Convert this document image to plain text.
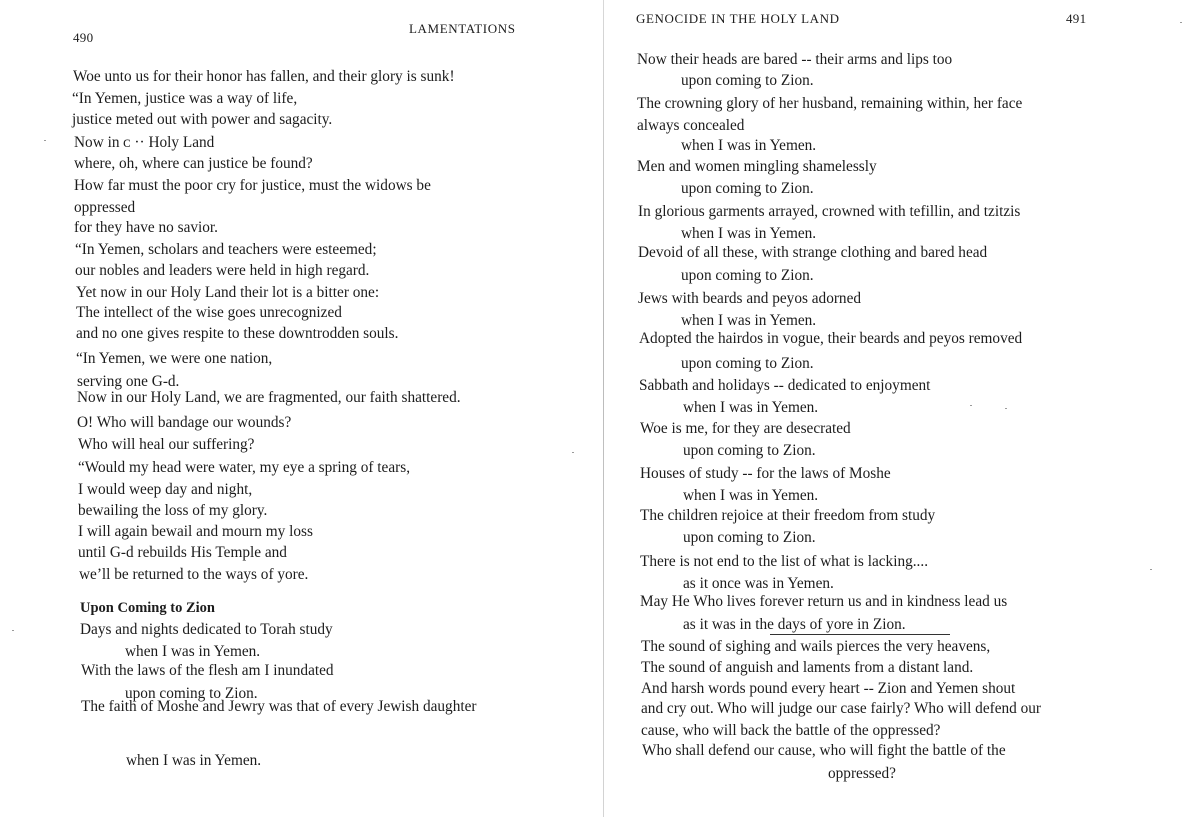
490
LAMENTATIONS
Woe unto us for their honor has fallen, and their glory is sunk!
“In Yemen, justice was a way of life,
justice meted out with power and sagacity.
Now in ᴄ ·· Holy Land
where, oh, where can justice be found?
How far must the poor cry for justice, must the widows be
oppressed
for they have no savior.
“In Yemen, scholars and teachers were esteemed;
our nobles and leaders were held in high regard.
Yet now in our Holy Land their lot is a bitter one:
The intellect of the wise goes unrecognized
and no one gives respite to these downtrodden souls.
“In Yemen, we were one nation,
serving one G-d.
Now in our Holy Land, we are fragmented, our faith shattered.
O! Who will bandage our wounds?
Who will heal our suffering?
“Would my head were water, my eye a spring of tears,
I would weep day and night,
bewailing the loss of my glory.
I will again bewail and mourn my loss
until G-d rebuilds His Temple and
we’ll be returned to the ways of yore.
Upon Coming to Zion
Days and nights dedicated to Torah study
when I was in Yemen.
With the laws of the flesh am I inundated
upon coming to Zion.
The faith of Moshe and Jewry was that of every Jewish daughter
when I was in Yemen.
GENOCIDE IN THE HOLY LAND	491
Now their heads are bared -- their arms and lips too
upon coming to Zion.
The crowning glory of her husband, remaining within, her face
always concealed
when I was in Yemen.
Men and women mingling shamelessly
upon coming to Zion.
In glorious garments arrayed, crowned with tefillin, and tzitzis
when I was in Yemen.
Devoid of all these, with strange clothing and bared head
upon coming to Zion.
Jews with beards and peyos adorned
when I was in Yemen.
Adopted the hairdos in vogue, their beards and peyos removed
upon coming to Zion.
Sabbath and holidays -- dedicated to enjoyment
when I was in Yemen.
Woe is me, for they are desecrated
upon coming to Zion.
Houses of study -- for the laws of Moshe
when I was in Yemen.
The children rejoice at their freedom from study
upon coming to Zion.
There is not end to the list of what is lacking....
as it once was in Yemen.
May He Who lives forever return us and in kindness lead us
as it was in the days of yore in Zion.
The sound of sighing and wails pierces the very heavens,
The sound of anguish and laments from a distant land.
And harsh words pound every heart -- Zion and Yemen shout
and cry out. Who will judge our case fairly? Who will defend our
cause, who will back the battle of the oppressed?
Who shall defend our cause, who will fight the battle of the
oppressed?
